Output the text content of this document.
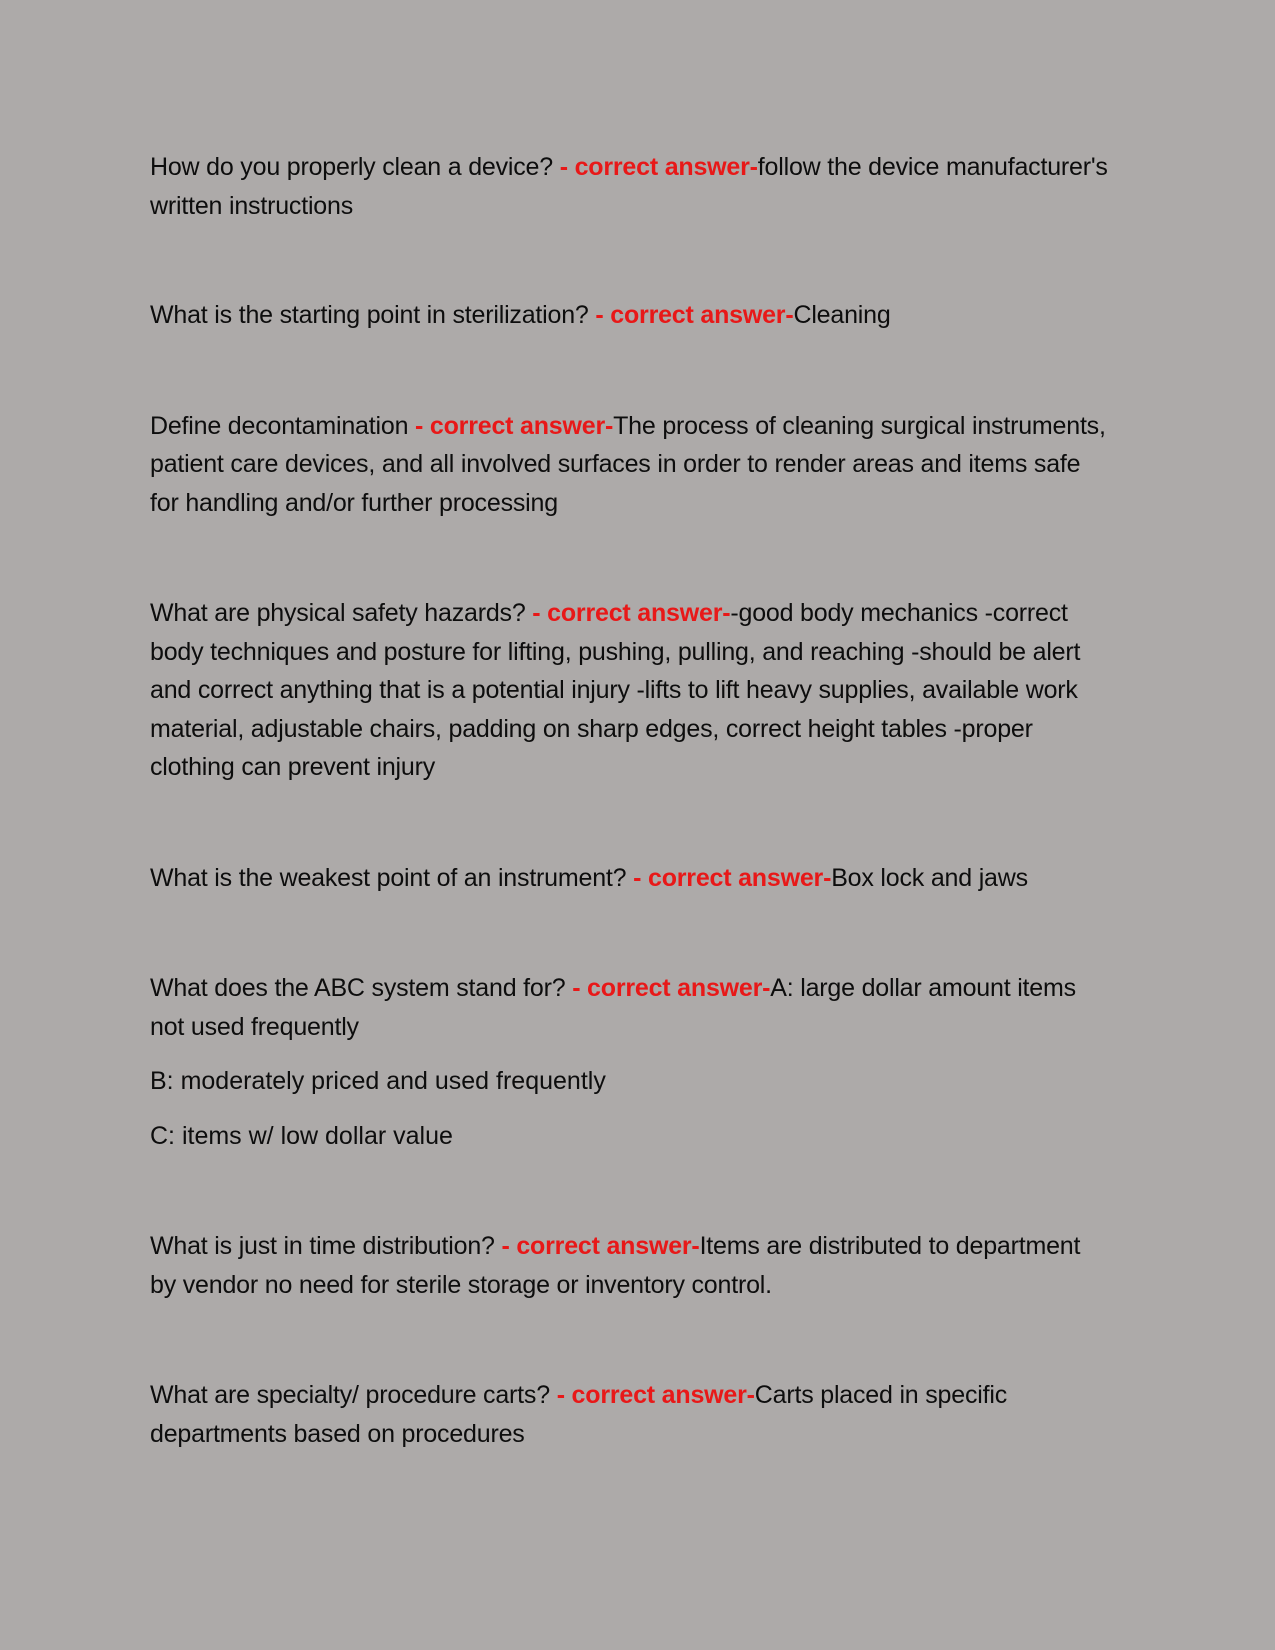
How do you properly clean a device? - correct answer-follow the device manufacturer's written instructions

What is the starting point in sterilization? - correct answer-Cleaning

Define decontamination - correct answer-The process of cleaning surgical instruments, patient care devices, and all involved surfaces in order to render areas and items safe for handling and/or further processing

What are physical safety hazards? - correct answer--good body mechanics -correct body techniques and posture for lifting, pushing, pulling, and reaching -should be alert and correct anything that is a potential injury -lifts to lift heavy supplies, available work material, adjustable chairs, padding on sharp edges, correct height tables -proper clothing can prevent injury

What is the weakest point of an instrument? - correct answer-Box lock and jaws

What does the ABC system stand for? - correct answer-A: large dollar amount items not used frequently

B: moderately priced and used frequently

C: items w/ low dollar value

What is just in time distribution? - correct answer-Items are distributed to department by vendor no need for sterile storage or inventory control.

What are specialty/ procedure carts? - correct answer-Carts placed in specific departments based on procedures
